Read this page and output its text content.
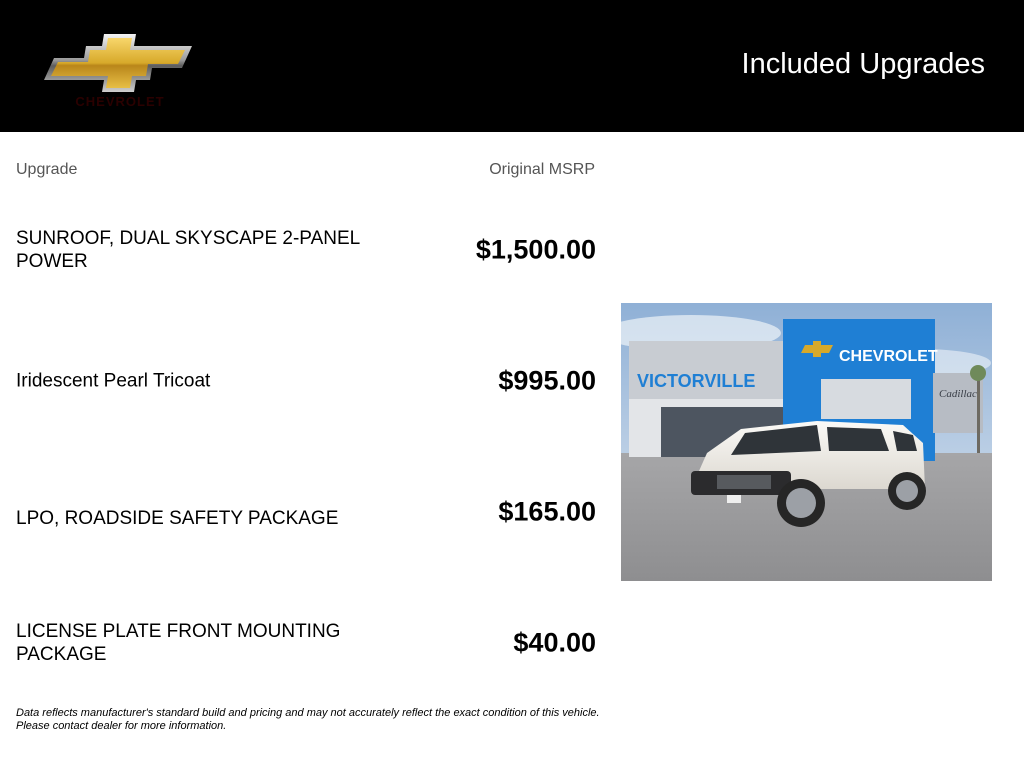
CHEVROLET
Included Upgrades
Upgrade	Original MSRP
SUNROOF, DUAL SKYSCAPE 2-PANEL POWER	$1,500.00
Iridescent Pearl Tricoat	$995.00
LPO, ROADSIDE SAFETY PACKAGE	$165.00
LICENSE PLATE FRONT MOUNTING PACKAGE	$40.00
VICTORVILLE
CHEVROLET
Cadillac
Data reflects manufacturer's standard build and pricing and may not accurately reflect the exact condition of this vehicle.
Please contact dealer for more information.
